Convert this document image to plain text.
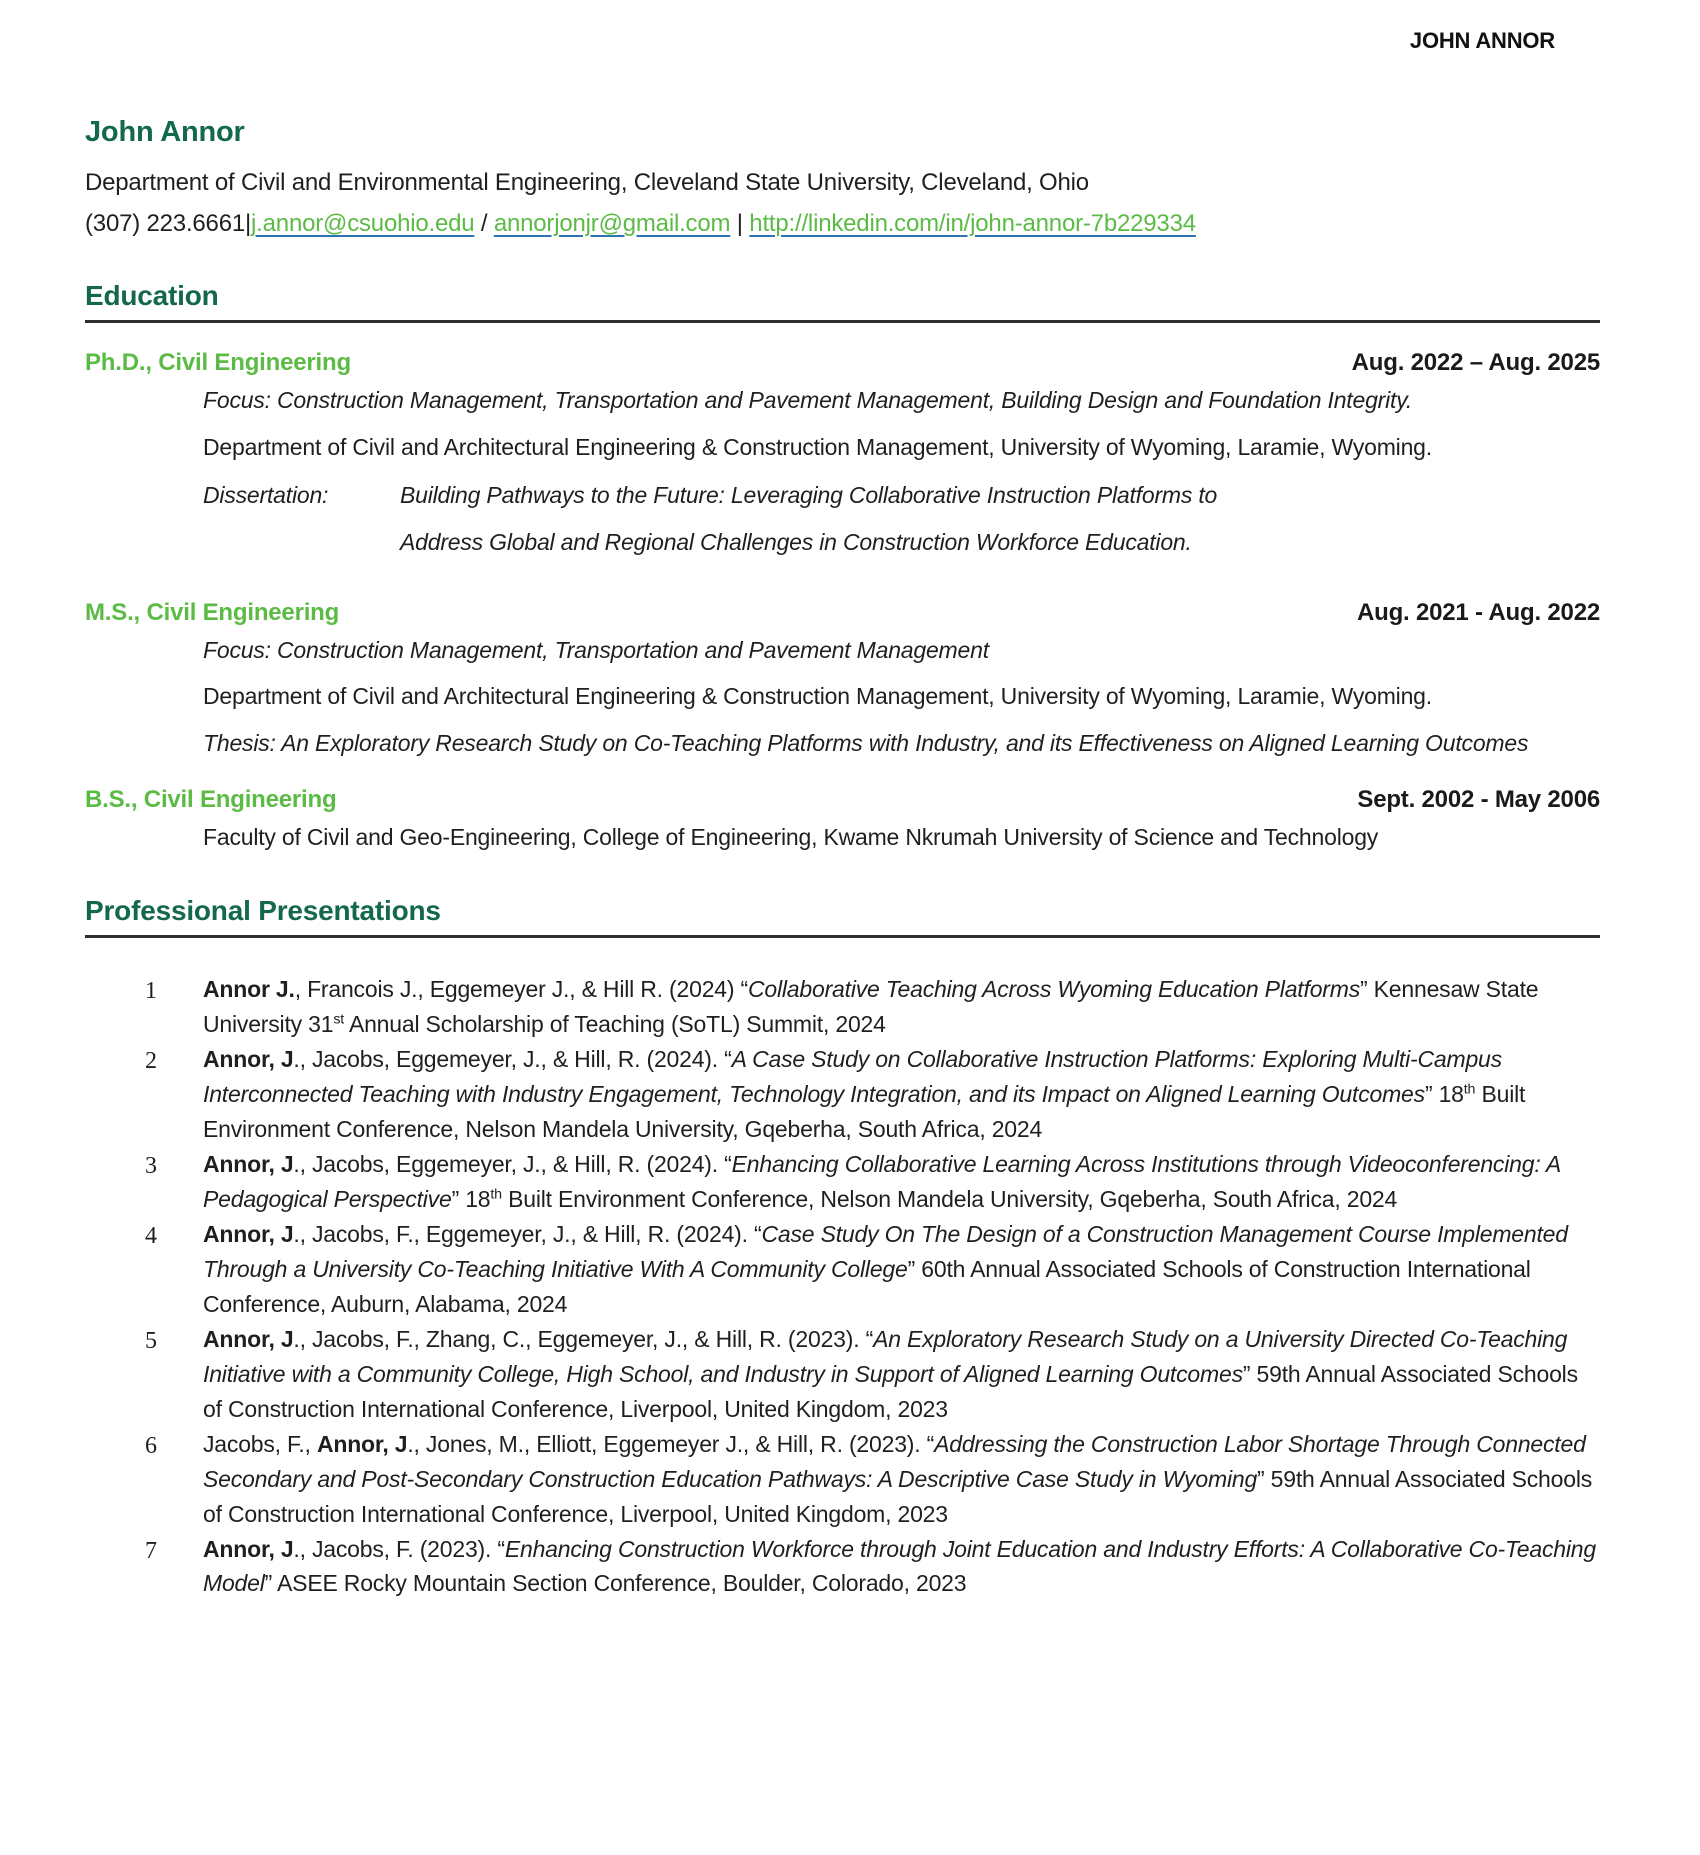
JOHN ANNOR
John Annor
Department of Civil and Environmental Engineering, Cleveland State University, Cleveland, Ohio
(307) 223.6661|j.annor@csuohio.edu / annorjonjr@gmail.com | http://linkedin.com/in/john-annor-7b229334
Education
Ph.D., Civil Engineering	Aug. 2022 – Aug. 2025
Focus: Construction Management, Transportation and Pavement Management, Building Design and Foundation Integrity.
Department of Civil and Architectural Engineering & Construction Management, University of Wyoming, Laramie, Wyoming.
Dissertation:	Building Pathways to the Future: Leveraging Collaborative Instruction Platforms to
Address Global and Regional Challenges in Construction Workforce Education.
M.S., Civil Engineering	Aug. 2021 - Aug. 2022
Focus: Construction Management, Transportation and Pavement Management
Department of Civil and Architectural Engineering & Construction Management, University of Wyoming, Laramie, Wyoming.
Thesis: An Exploratory Research Study on Co-Teaching Platforms with Industry, and its Effectiveness on Aligned Learning Outcomes
B.S., Civil Engineering	Sept. 2002 - May 2006
Faculty of Civil and Geo-Engineering, College of Engineering, Kwame Nkrumah University of Science and Technology
Professional Presentations
1	Annor J., Francois J., Eggemeyer J., & Hill R. (2024) “Collaborative Teaching Across Wyoming Education Platforms” Kennesaw State University 31st Annual Scholarship of Teaching (SoTL) Summit, 2024
2	Annor, J., Jacobs, Eggemeyer, J., & Hill, R. (2024). “A Case Study on Collaborative Instruction Platforms: Exploring Multi-Campus Interconnected Teaching with Industry Engagement, Technology Integration, and its Impact on Aligned Learning Outcomes” 18th Built Environment Conference, Nelson Mandela University, Gqeberha, South Africa, 2024
3	Annor, J., Jacobs, Eggemeyer, J., & Hill, R. (2024). “Enhancing Collaborative Learning Across Institutions through Videoconferencing: A Pedagogical Perspective” 18th Built Environment Conference, Nelson Mandela University, Gqeberha, South Africa, 2024
4	Annor, J., Jacobs, F., Eggemeyer, J., & Hill, R. (2024). “Case Study On The Design of a Construction Management Course Implemented Through a University Co-Teaching Initiative With A Community College” 60th Annual Associated Schools of Construction International Conference, Auburn, Alabama, 2024
5	Annor, J., Jacobs, F., Zhang, C., Eggemeyer, J., & Hill, R. (2023). “An Exploratory Research Study on a University Directed Co-Teaching Initiative with a Community College, High School, and Industry in Support of Aligned Learning Outcomes” 59th Annual Associated Schools of Construction International Conference, Liverpool, United Kingdom, 2023
6	Jacobs, F., Annor, J., Jones, M., Elliott, Eggemeyer J., & Hill, R. (2023). “Addressing the Construction Labor Shortage Through Connected Secondary and Post-Secondary Construction Education Pathways: A Descriptive Case Study in Wyoming” 59th Annual Associated Schools of Construction International Conference, Liverpool, United Kingdom, 2023
7	Annor, J., Jacobs, F. (2023). “Enhancing Construction Workforce through Joint Education and Industry Efforts: A Collaborative Co-Teaching Model” ASEE Rocky Mountain Section Conference, Boulder, Colorado, 2023
